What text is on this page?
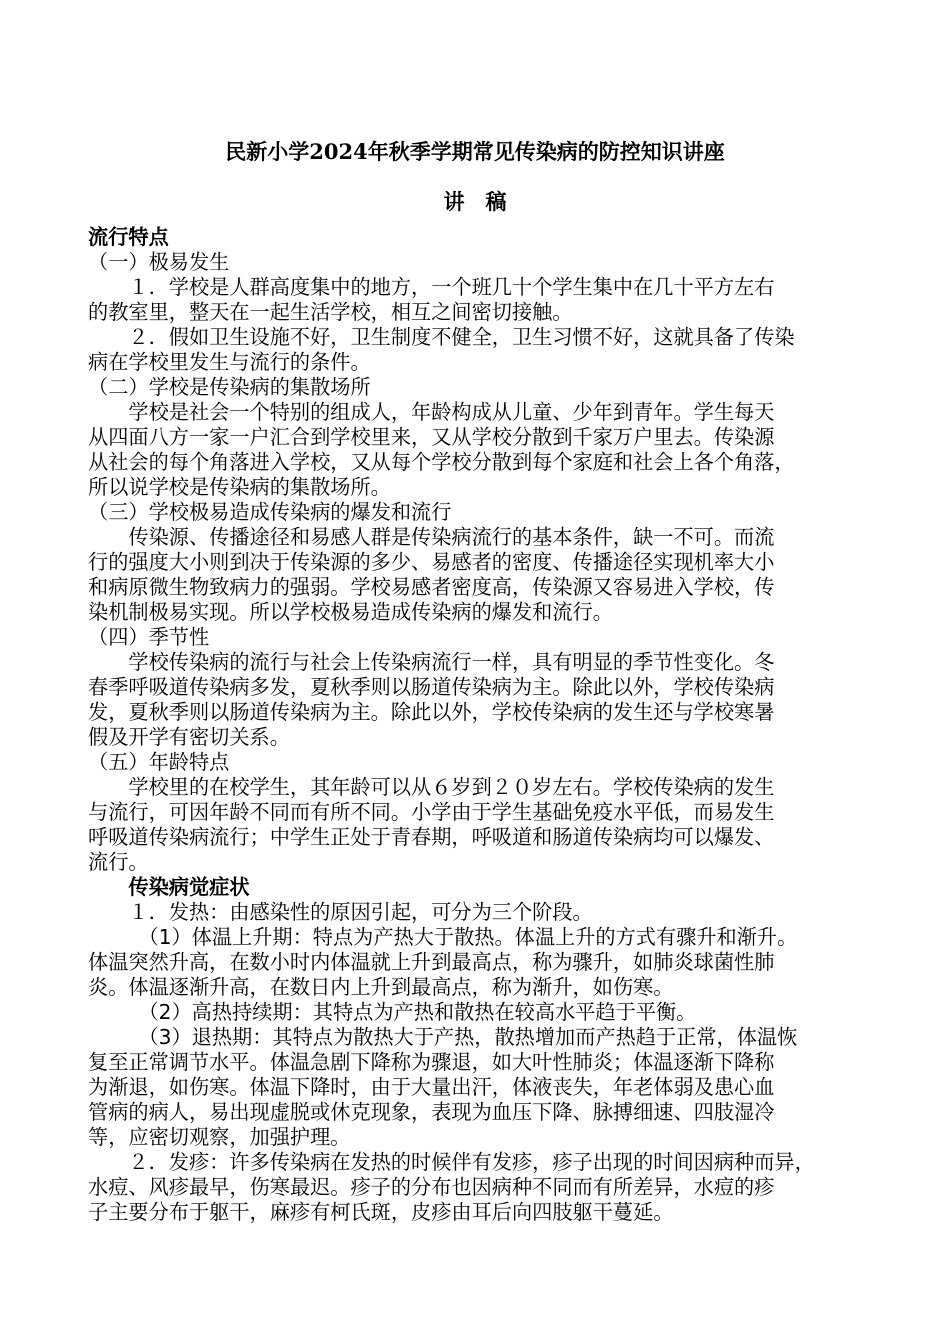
民新小学2024年秋季学期常见传染病的防控知识讲座
讲　稿
流行特点
（一）极易发生
　　１．学校是人群高度集中的地方，一个班几十个学生集中在几十平方左右
的教室里，整天在一起生活学校，相互之间密切接触。
　　２．假如卫生设施不好，卫生制度不健全，卫生习惯不好，这就具备了传染
病在学校里发生与流行的条件。
（二）学校是传染病的集散场所
　　学校是社会一个特别的组成人，年龄构成从儿童、少年到青年。学生每天
从四面八方一家一户汇合到学校里来，又从学校分散到千家万户里去。传染源
从社会的每个角落进入学校，又从每个学校分散到每个家庭和社会上各个角落，
所以说学校是传染病的集散场所。
（三）学校极易造成传染病的爆发和流行
　　传染源、传播途径和易感人群是传染病流行的基本条件，缺一不可。而流
行的强度大小则到决于传染源的多少、易感者的密度、传播途径实现机率大小
和病原微生物致病力的强弱。学校易感者密度高，传染源又容易进入学校，传
染机制极易实现。所以学校极易造成传染病的爆发和流行。
（四）季节性
　　学校传染病的流行与社会上传染病流行一样，具有明显的季节性变化。冬
春季呼吸道传染病多发，夏秋季则以肠道传染病为主。除此以外，学校传染病
发，夏秋季则以肠道传染病为主。除此以外，学校传染病的发生还与学校寒暑
假及开学有密切关系。
（五）年龄特点
　　学校里的在校学生，其年龄可以从６岁到２０岁左右。学校传染病的发生
与流行，可因年龄不同而有所不同。小学由于学生基础免疫水平低，而易发生
呼吸道传染病流行；中学生正处于青春期，呼吸道和肠道传染病均可以爆发、
流行。
　　传染病觉症状
　　１．发热：由感染性的原因引起，可分为三个阶段。
　　　（1）体温上升期：特点为产热大于散热。体温上升的方式有骤升和渐升。
体温突然升高，在数小时内体温就上升到最高点，称为骤升，如肺炎球菌性肺
炎。体温逐渐升高，在数日内上升到最高点，称为渐升，如伤寒。
　　　（2）高热持续期：其特点为产热和散热在较高水平趋于平衡。
　　　（3）退热期：其特点为散热大于产热，散热增加而产热趋于正常，体温恢
复至正常调节水平。体温急剧下降称为骤退，如大叶性肺炎；体温逐渐下降称
为渐退，如伤寒。体温下降时，由于大量出汗，体液丧失，年老体弱及患心血
管病的病人，易出现虚脱或休克现象，表现为血压下降、脉搏细速、四肢湿冷
等，应密切观察，加强护理。
　　２．发疹：许多传染病在发热的时候伴有发疹，疹子出现的时间因病种而异，
水痘、风疹最早，伤寒最迟。疹子的分布也因病种不同而有所差异，水痘的疹
子主要分布于躯干，麻疹有柯氏斑，皮疹由耳后向四肢躯干蔓延。
